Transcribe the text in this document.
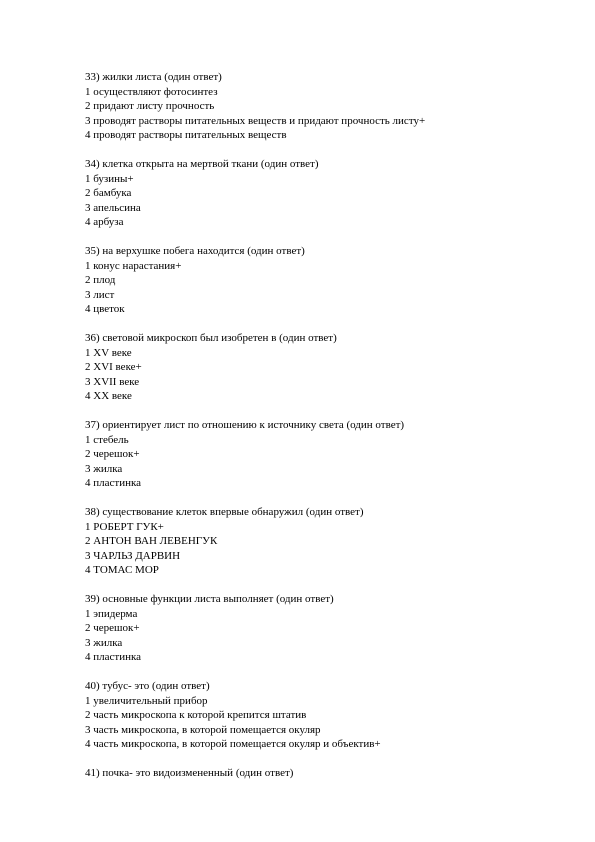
33) жилки листа (один ответ)
1 осуществляют фотосинтез
2 придают листу прочность
3 проводят растворы питательных веществ и придают прочность листу+
4 проводят растворы питательных веществ
34) клетка открыта на мертвой ткани (один ответ)
1 бузины+
2 бамбука
3 апельсина
4 арбуза
35) на верхушке побега находится (один ответ)
1 конус нарастания+
2 плод
3 лист
4 цветок
36) световой микроскоп был изобретен в (один ответ)
1 XV веке
2 XVI веке+
3 XVII веке
4 XX веке
37) ориентирует лист по отношению к источнику света (один ответ)
1 стебель
2 черешок+
3 жилка
4 пластинка
38) существование клеток впервые обнаружил (один ответ)
1 РОБЕРТ ГУК+
2 АНТОН ВАН ЛЕВЕНГУК
3 ЧАРЛЬЗ ДАРВИН
4 ТОМАС МОР
39) основные функции листа выполняет (один ответ)
1 эпидерма
2 черешок+
3 жилка
4 пластинка
40) тубус- это (один ответ)
1 увеличительный прибор
2 часть микроскопа к которой крепится штатив
3 часть микроскопа, в которой помещается окуляр
4 часть микроскопа, в которой помещается окуляр и объектив+
41) почка- это видоизмененный (один ответ)
